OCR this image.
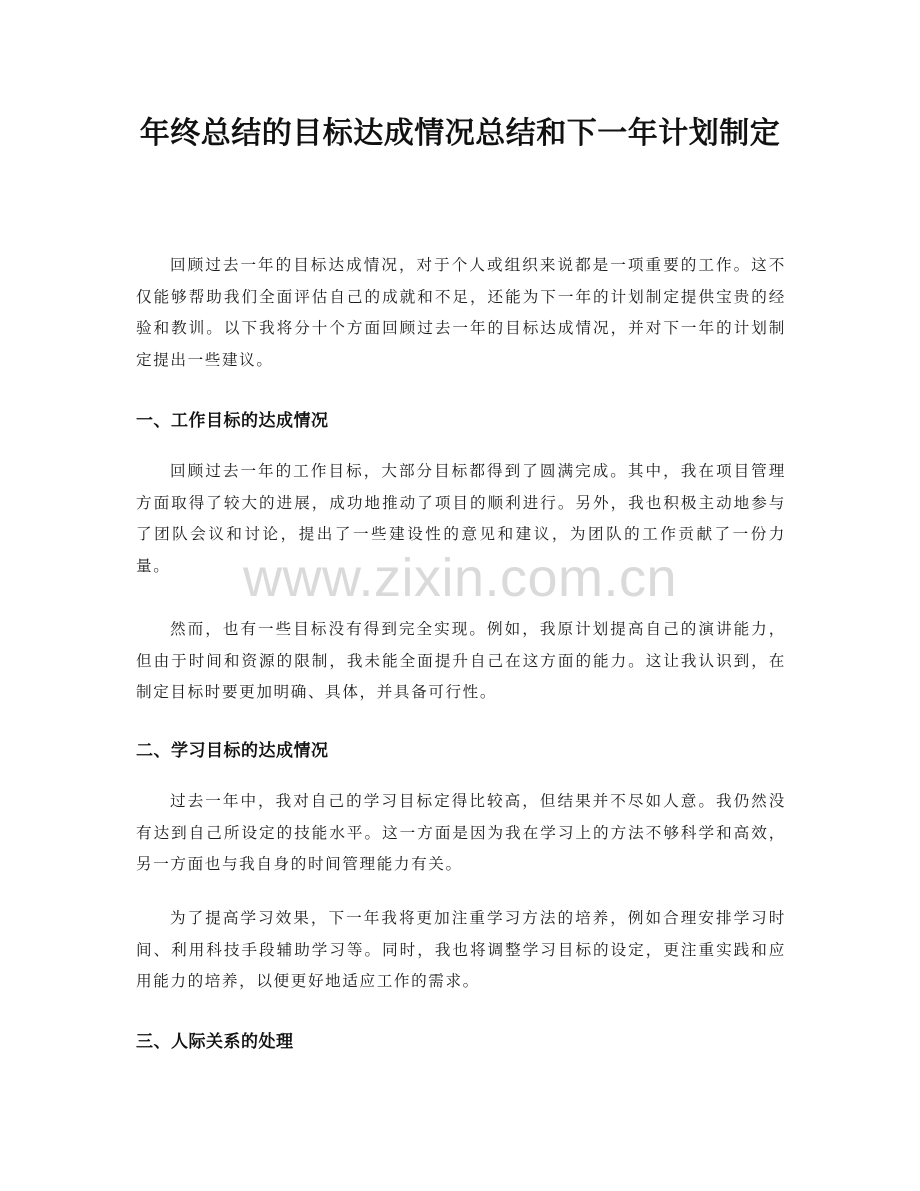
年终总结的目标达成情况总结和下一年计划制定

回顾过去一年的目标达成情况，对于个人或组织来说都是一项重要的工作。这不仅能够帮助我们全面评估自己的成就和不足，还能为下一年的计划制定提供宝贵的经验和教训。以下我将分十个方面回顾过去一年的目标达成情况，并对下一年的计划制定提出一些建议。

一、工作目标的达成情况

回顾过去一年的工作目标，大部分目标都得到了圆满完成。其中，我在项目管理方面取得了较大的进展，成功地推动了项目的顺利进行。另外，我也积极主动地参与了团队会议和讨论，提出了一些建设性的意见和建议，为团队的工作贡献了一份力量。

然而，也有一些目标没有得到完全实现。例如，我原计划提高自己的演讲能力，但由于时间和资源的限制，我未能全面提升自己在这方面的能力。这让我认识到，在制定目标时要更加明确、具体，并具备可行性。

二、学习目标的达成情况

过去一年中，我对自己的学习目标定得比较高，但结果并不尽如人意。我仍然没有达到自己所设定的技能水平。这一方面是因为我在学习上的方法不够科学和高效，另一方面也与我自身的时间管理能力有关。

为了提高学习效果，下一年我将更加注重学习方法的培养，例如合理安排学习时间、利用科技手段辅助学习等。同时，我也将调整学习目标的设定，更注重实践和应用能力的培养，以便更好地适应工作的需求。

三、人际关系的处理
www.zixin.com.cn
